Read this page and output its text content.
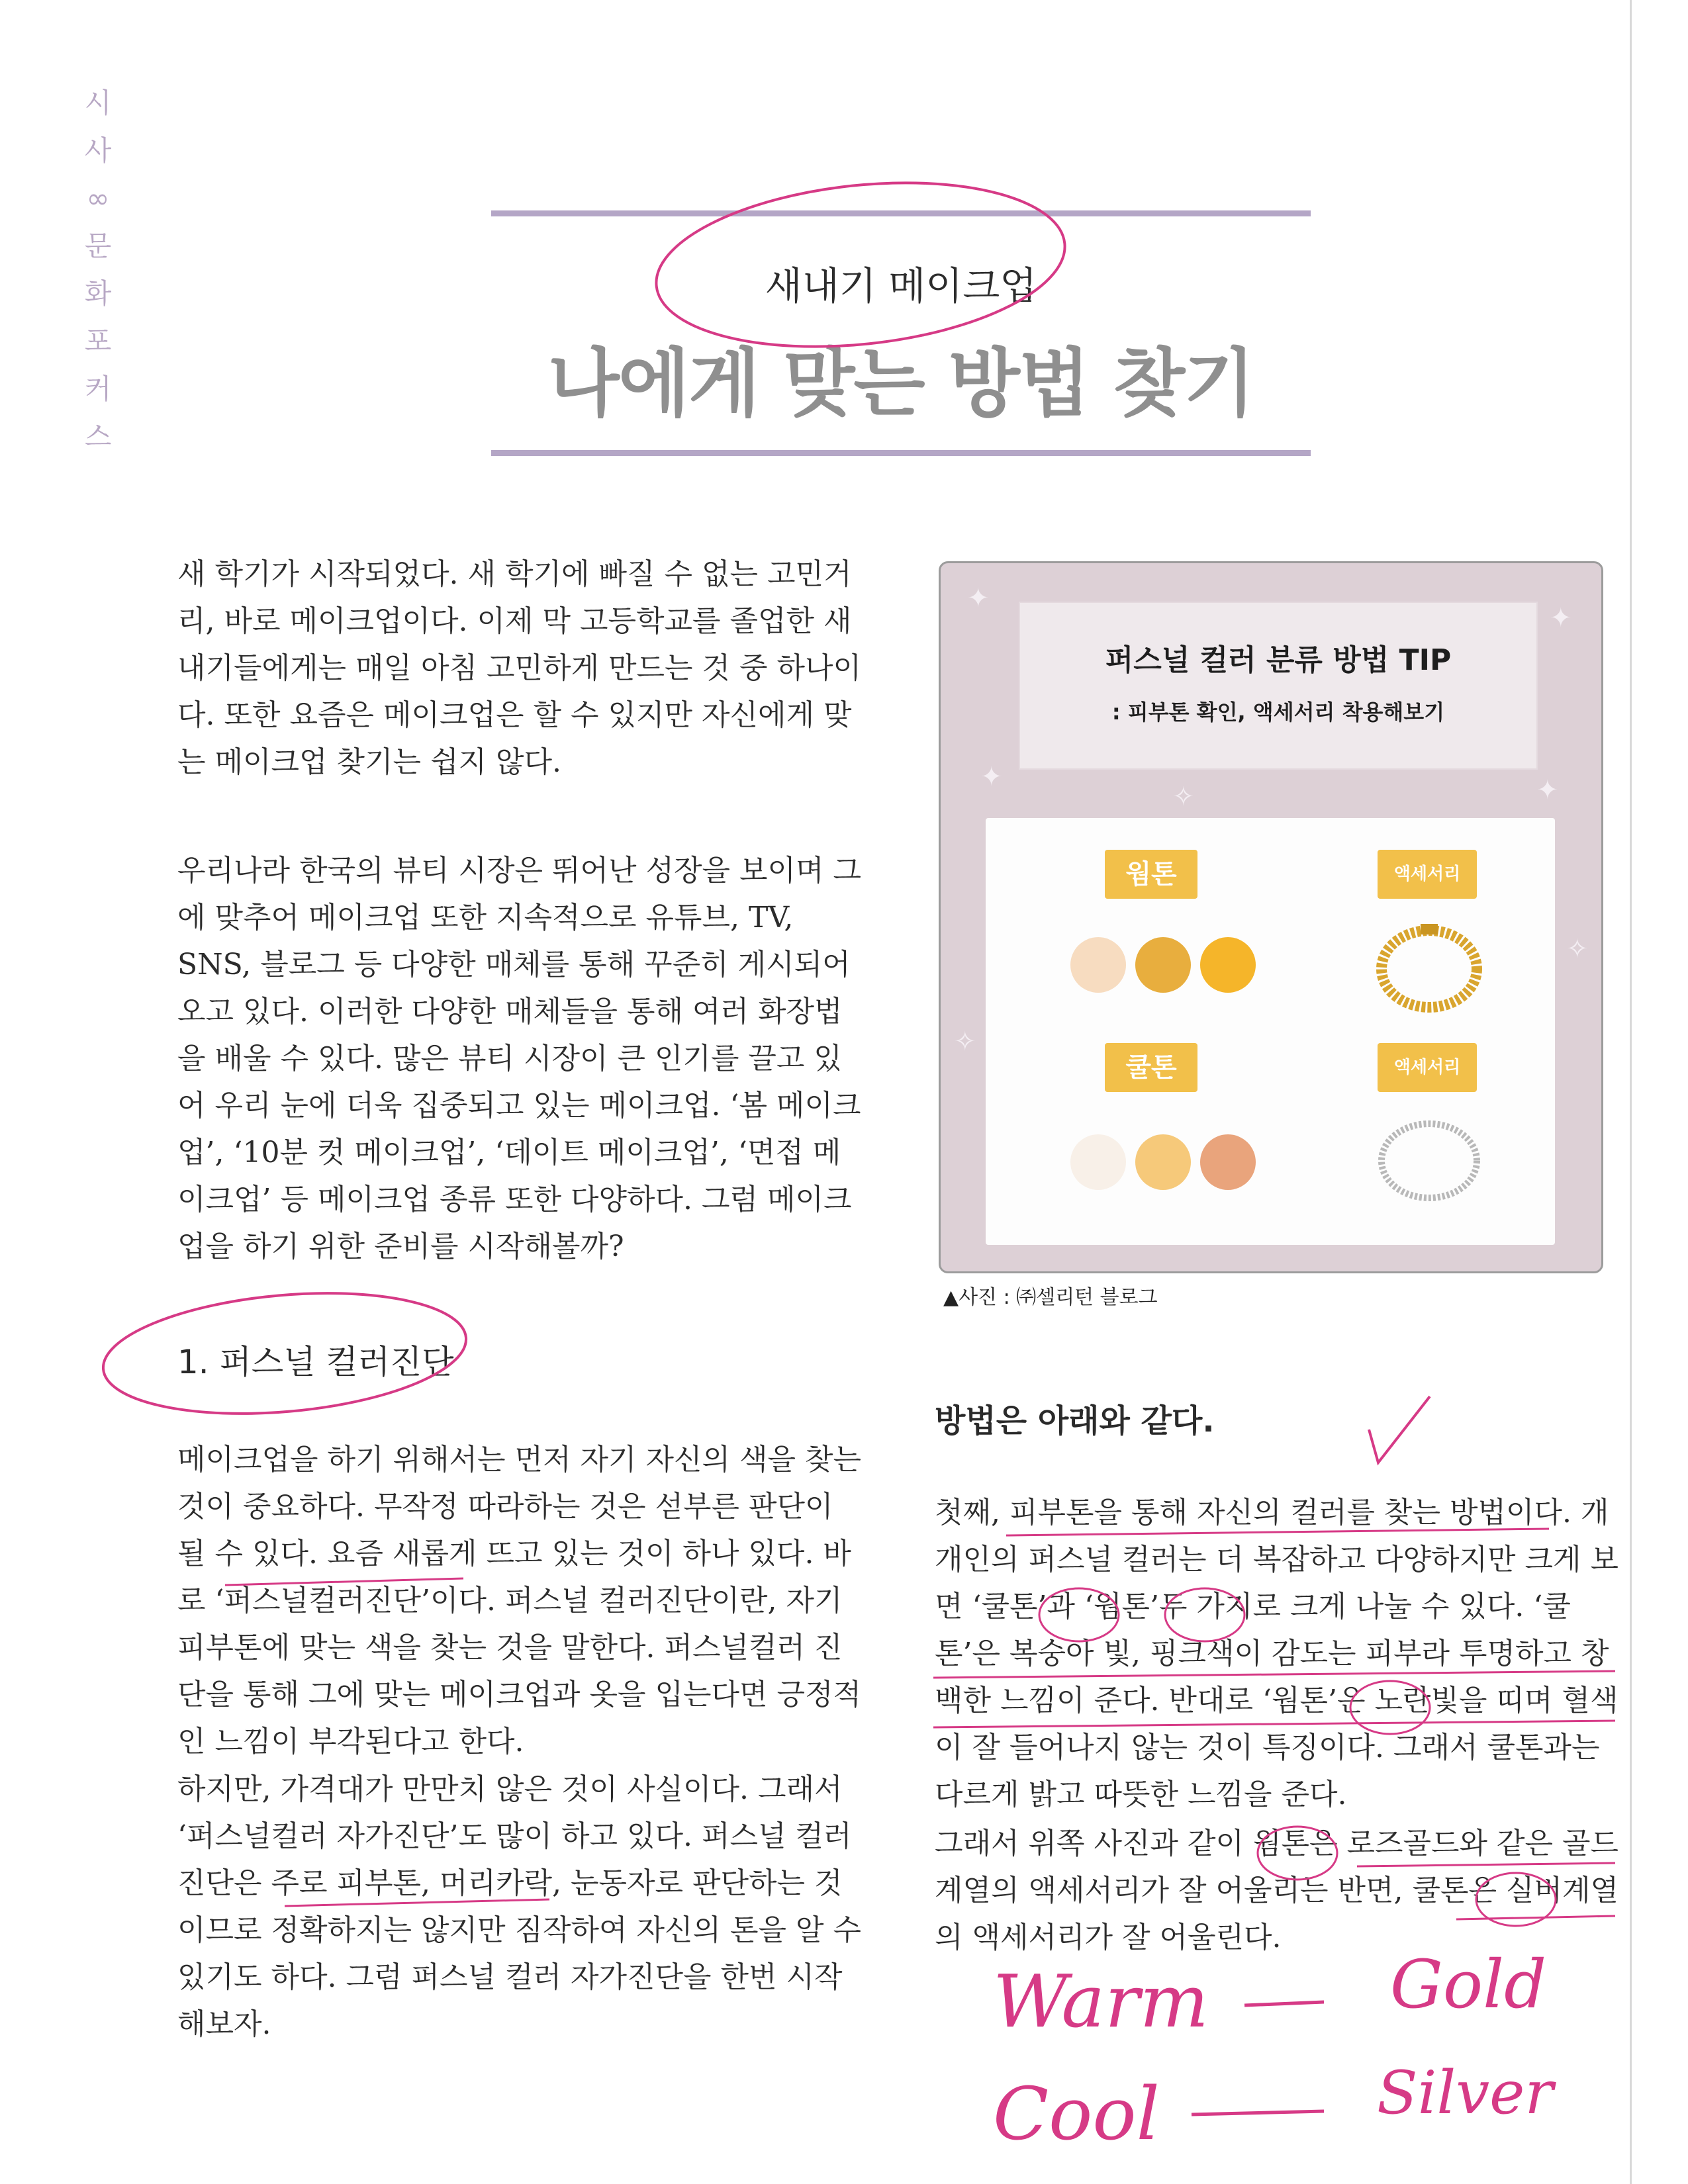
시사 ∞ 문화 포커스
새내기 메이크업
나에게 맞는 방법 찾기

새 학기가 시작되었다. 새 학기에 빠질 수 없는 고민거리, 바로 메이크업이다. 이제 막 고등학교를 졸업한 새내기들에게는 매일 아침 고민하게 만드는 것 중 하나이다. 또한 요즘은 메이크업은 할 수 있지만 자신에게 맞는 메이크업 찾기는 쉽지 않다.

우리나라 한국의 뷰티 시장은 뛰어난 성장을 보이며 그에 맞추어 메이크업 또한 지속적으로 유튜브, TV, SNS, 블로그 등 다양한 매체를 통해 꾸준히 게시되어오고 있다. 이러한 다양한 매체들을 통해 여러 화장법을 배울 수 있다. 많은 뷰티 시장이 큰 인기를 끌고 있어 우리 눈에 더욱 집중되고 있는 메이크업. ‘봄 메이크업’, ‘10분 컷 메이크업’, ‘데이트 메이크업’, ‘면접 메이크업’ 등 메이크업 종류 또한 다양하다. 그럼 메이크업을 하기 위한 준비를 시작해볼까?

1. 퍼스널 컬러진단

메이크업을 하기 위해서는 먼저 자기 자신의 색을 찾는 것이 중요하다. 무작정 따라하는 것은 섣부른 판단이 될 수 있다. 요즘 새롭게 뜨고 있는 것이 하나 있다. 바로 ‘퍼스널컬러진단’이다. 퍼스널 컬러진단이란, 자기피부톤에 맞는 색을 찾는 것을 말한다. 퍼스널컬러 진단을 통해 그에 맞는 메이크업과 옷을 입는다면 긍정적인 느낌이 부각된다고 한다.

하지만, 가격대가 만만치 않은 것이 사실이다. 그래서 ‘퍼스널컬러 자가진단’도 많이 하고 있다. 퍼스널 컬러 진단은 주로 피부톤, 머리카락, 눈동자로 판단하는 것이므로 정확하지는 않지만 짐작하여 자신의 톤을 알 수 있기도 하다. 그럼 퍼스널 컬러 자가진단을 한번 시작해보자.

✦
✦
✦	✦
✧
✧
✧
퍼스널 컬러 분류 방법 TIP
: 피부톤 확인, 액세서리 착용해보기
웜톤	액세서리
쿨톤	액세서리
▲사진 : ㈜셀리턴 블로그
방법은 아래와 같다.

첫째, 피부톤을 통해 자신의 컬러를 찾는 방법이다. 개개인의 퍼스널 컬러는 더 복잡하고 다양하지만 크게 보면 ‘쿨톤’과 ‘웜톤’두 가지로 크게 나눌 수 있다. ‘쿨톤’은 복숭아 빛, 핑크색이 감도는 피부라 투명하고 창백한 느낌이 준다. 반대로 ‘웜톤’은 노란빛을 띠며 혈색이 잘 들어나지 않는 것이 특징이다. 그래서 쿨톤과는 다르게 밝고 따뜻한 느낌을 준다.

그래서 위쪽 사진과 같이 웜톤은 로즈골드와 같은 골드계열의 액세서리가 잘 어울리는 반면, 쿨톤은 실버계열의 액세서리가 잘 어울린다.

Warm	Gold
Cool	Silver
